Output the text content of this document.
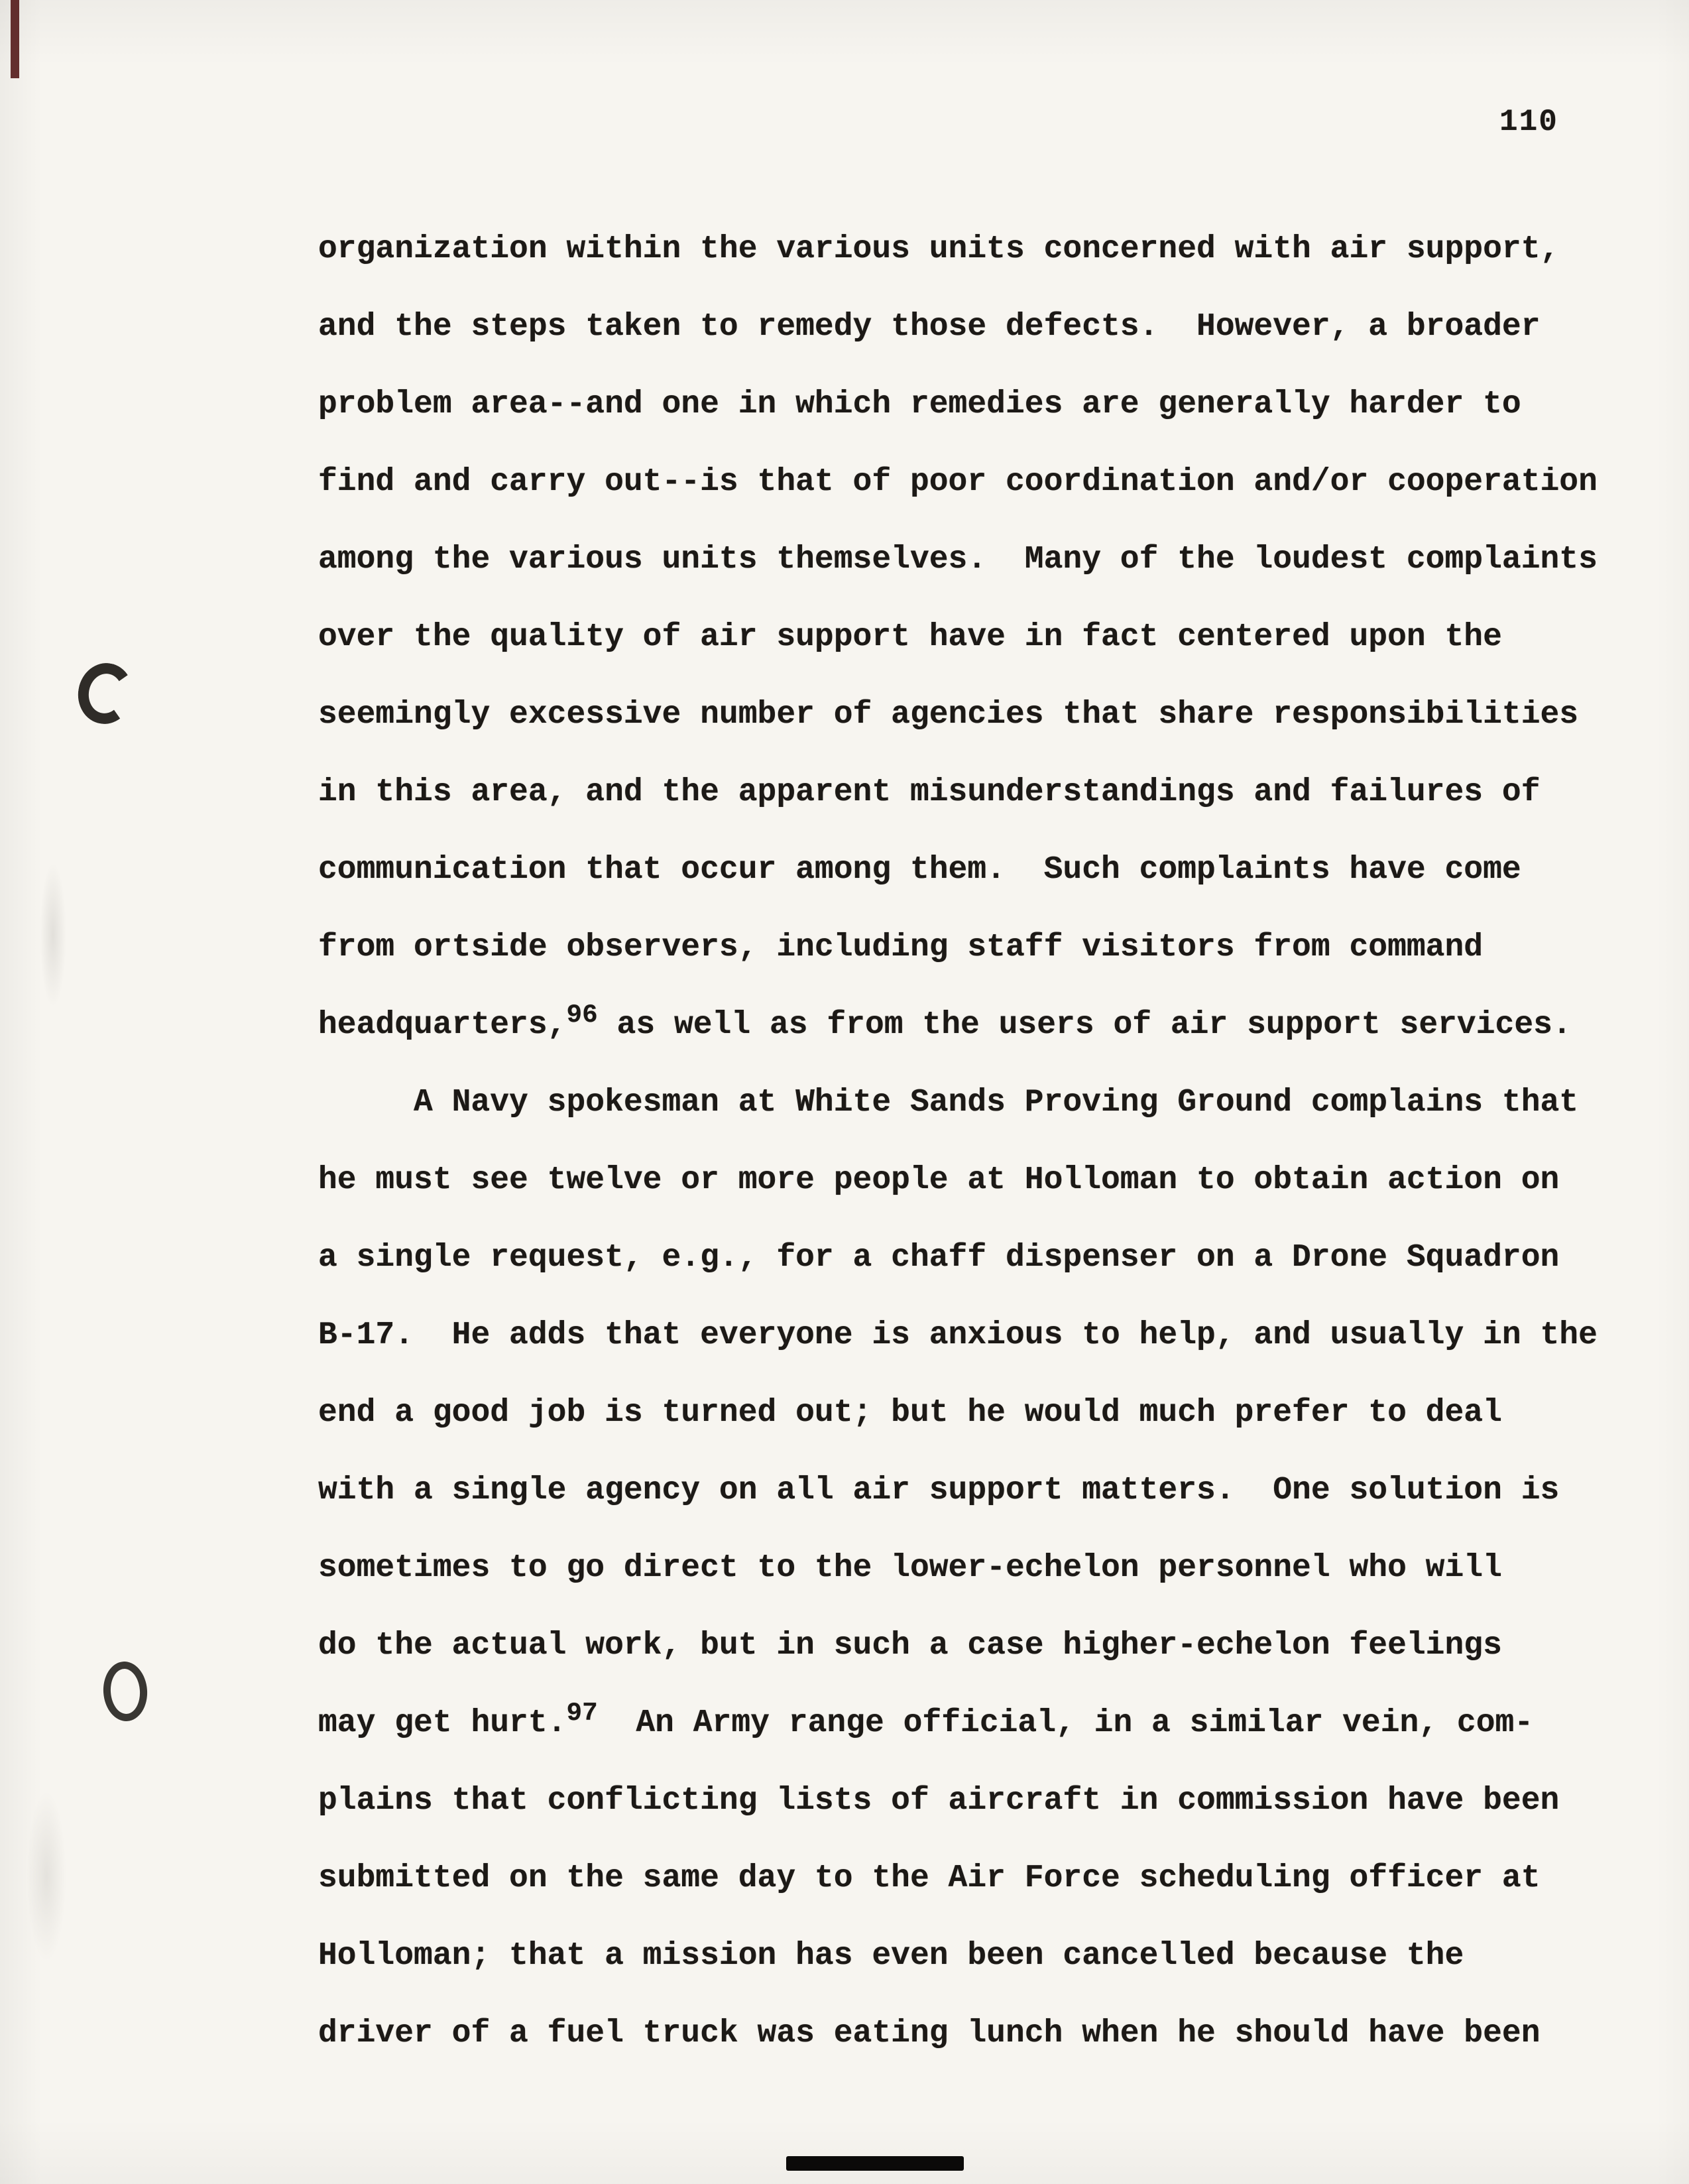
110
organization within the various units concerned with air support,
and the steps taken to remedy those defects.  However, a broader
problem area--and one in which remedies are generally harder to
find and carry out--is that of poor coordination and/or cooperation
among the various units themselves.  Many of the loudest complaints
over the quality of air support have in fact centered upon the
seemingly excessive number of agencies that share responsibilities
in this area, and the apparent misunderstandings and failures of
communication that occur among them.  Such complaints have come
from ortside observers, including staff visitors from command
headquarters,$^{96}$ as well as from the users of air support services.
A Navy spokesman at White Sands Proving Ground complains that
he must see twelve or more people at Holloman to obtain action on
a single request, e.g., for a chaff dispenser on a Drone Squadron
B-17.  He adds that everyone is anxious to help, and usually in the
end a good job is turned out; but he would much prefer to deal
with a single agency on all air support matters.  One solution is
sometimes to go direct to the lower-echelon personnel who will
do the actual work, but in such a case higher-echelon feelings
may get hurt.$^{97}$  An Army range official, in a similar vein, com-
plains that conflicting lists of aircraft in commission have been
submitted on the same day to the Air Force scheduling officer at
Holloman; that a mission has even been cancelled because the
driver of a fuel truck was eating lunch when he should have been
